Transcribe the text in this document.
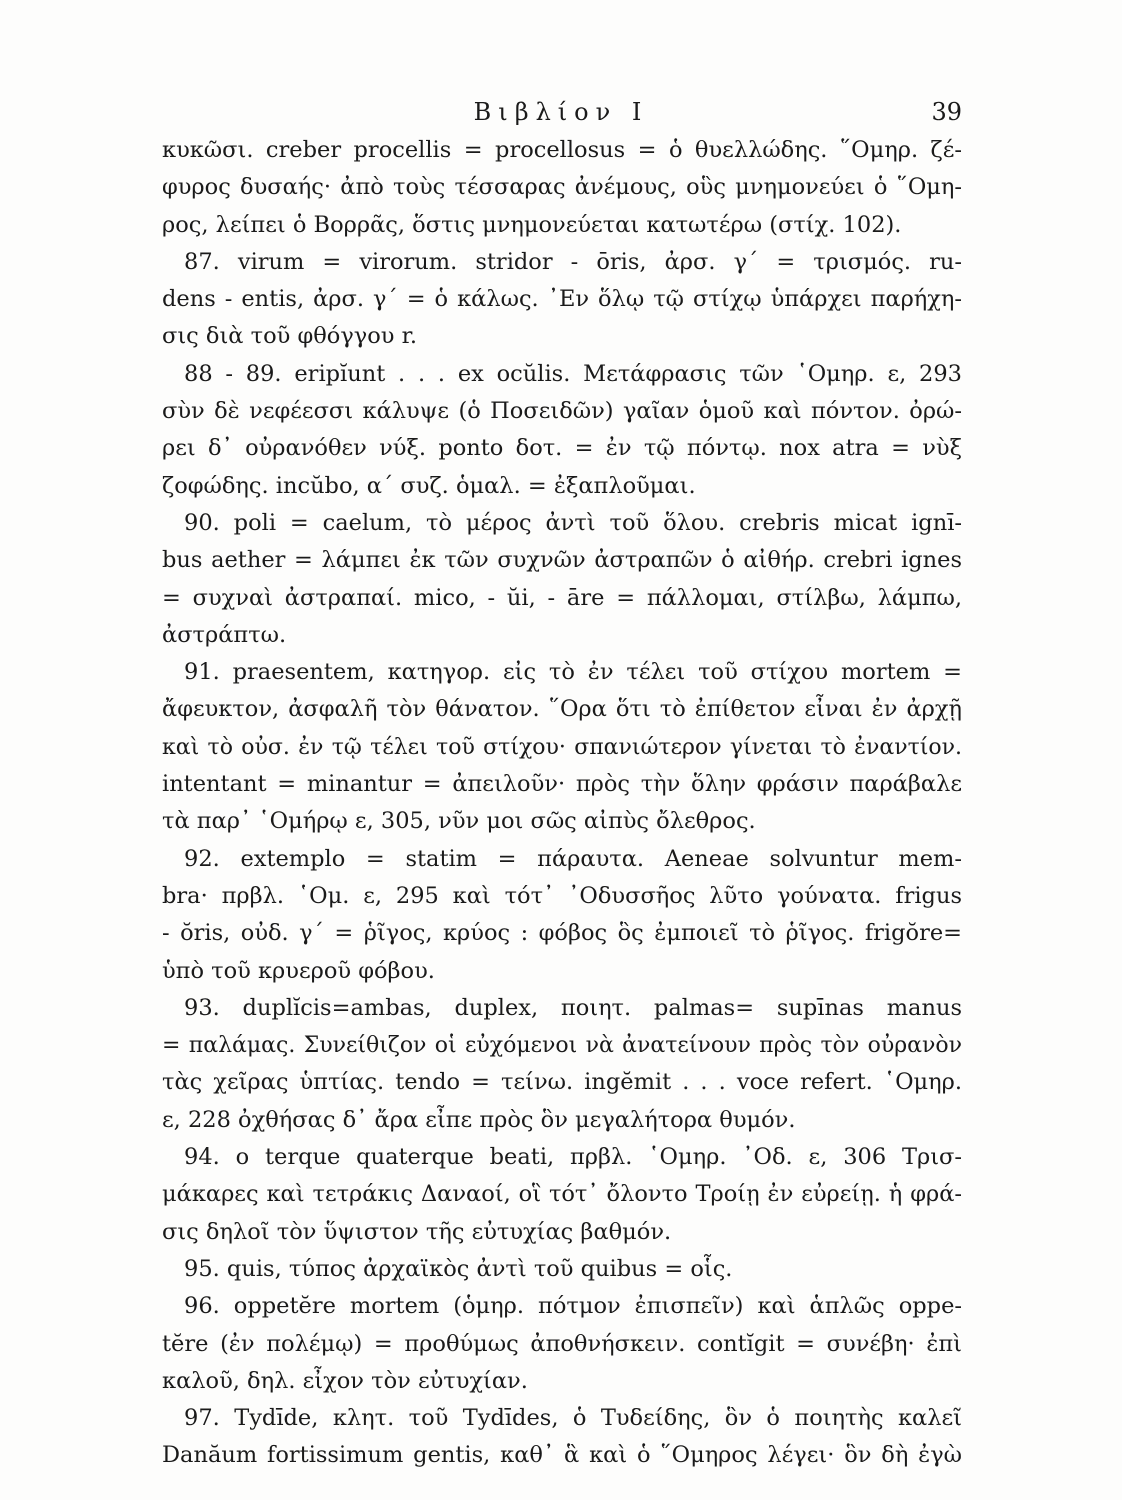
Βιβλίον Ι	39
κυκῶσι. creber procellis = procellosus = ὁ θυελλώδης. ῞Ομηρ. ζέ-
φυρος δυσαής· ἀπὸ τοὺς τέσσαρας ἀνέμους, οὓς μνημονεύει ὁ ῞Ομη-
ρος, λείπει ὁ Βορρᾶς, ὅστις μνημονεύεται κατωτέρω (στίχ. 102).
87. virum = virorum. stridor - ōris, ἀρσ. γ΄ = τρισμός. ru-
dens - entis, ἀρσ. γ΄ = ὁ κάλως. ᾿Εν ὅλῳ τῷ στίχῳ ὑπάρχει παρήχη-
σις διὰ τοῦ φθόγγου r.
88 - 89. eripĭunt . . . ex ocŭlis. Μετάφρασις τῶν ῾Ομηρ. ε, 293
σὺν δὲ νεφέεσσι κάλυψε (ὁ Ποσειδῶν) γαῖαν ὁμοῦ καὶ πόντον. ὀρώ-
ρει δ᾿ οὐρανόθεν νύξ. ponto δοτ. = ἐν τῷ πόντῳ. nox atra = νὺξ
ζοφώδης. incŭbo, α΄ συζ. ὁμαλ. = ἐξαπλοῦμαι.
90. poli = caelum, τὸ μέρος ἀντὶ τοῦ ὅλου. crebris micat ignī-
bus aether = λάμπει ἐκ τῶν συχνῶν ἀστραπῶν ὁ αἰθήρ. crebri ignes
= συχναὶ ἀστραπαί. mico, - ŭi, - āre = πάλλομαι, στίλβω, λάμπω,
ἀστράπτω.
91. praesentem, κατηγορ. εἰς τὸ ἐν τέλει τοῦ στίχου mortem =
ἄφευκτον, ἀσφαλῆ τὸν θάνατον. ῞Ορα ὅτι τὸ ἐπίθετον εἶναι ἐν ἀρχῇ
καὶ τὸ οὐσ. ἐν τῷ τέλει τοῦ στίχου· σπανιώτερον γίνεται τὸ ἐναντίον.
intentant = minantur = ἀπειλοῦν· πρὸς τὴν ὅλην φράσιν παράβαλε
τὰ παρ᾿ ῾Ομήρῳ ε, 305, νῦν μοι σῶς αἰπὺς ὄλεθρος.
92. extemplo = statim = πάραυτα. Aeneae solvuntur mem-
bra· πρβλ. ῾Ομ. ε, 295 καὶ τότ᾿ ᾿Οδυσσῆος λῦτο γούνατα. frigus
- ŏris, οὐδ. γ΄ = ῥῖγος, κρύος : φόβος ὃς ἐμποιεῖ τὸ ῥῖγος. frigŏre=
ὑπὸ τοῦ κρυεροῦ φόβου.
93. duplĭcis=ambas, duplex, ποιητ. palmas= supīnas manus
= παλάμας. Συνείθιζον οἱ εὐχόμενοι νὰ ἀνατείνουν πρὸς τὸν οὐρανὸν
τὰς χεῖρας ὑπτίας. tendo = τείνω. ingĕmit . . . voce refert. ῾Ομηρ.
ε, 228 ὀχθήσας δ᾿ ἄρα εἶπε πρὸς ὃν μεγαλήτορα θυμόν.
94. o terque quaterque beati, πρβλ. ῾Ομηρ. ᾿Οδ. ε, 306 Τρισ-
μάκαρες καὶ τετράκις Δαναοί, οἳ τότ᾿ ὄλοντο Τροίῃ ἐν εὐρείῃ. ἡ φρά-
σις δηλοῖ τὸν ὕψιστον τῆς εὐτυχίας βαθμόν.
95. quis, τύπος ἀρχαϊκὸς ἀντὶ τοῦ quibus = οἷς.
96. oppetĕre mortem (ὁμηρ. πότμον ἐπισπεῖν) καὶ ἁπλῶς oppe-
tĕre (ἐν πολέμῳ) = προθύμως ἀποθνήσκειν. contĭgit = συνέβη· ἐπὶ
καλοῦ, δηλ. εἶχον τὸν εὐτυχίαν.
97. Tydīde, κλητ. τοῦ Tydīdes, ὁ Τυδείδης, ὃν ὁ ποιητὴς καλεῖ
Danăum fortissimum gentis, καθ᾿ ἃ καὶ ὁ ῞Ομηρος λέγει· ὃν δὴ ἐγὼ
